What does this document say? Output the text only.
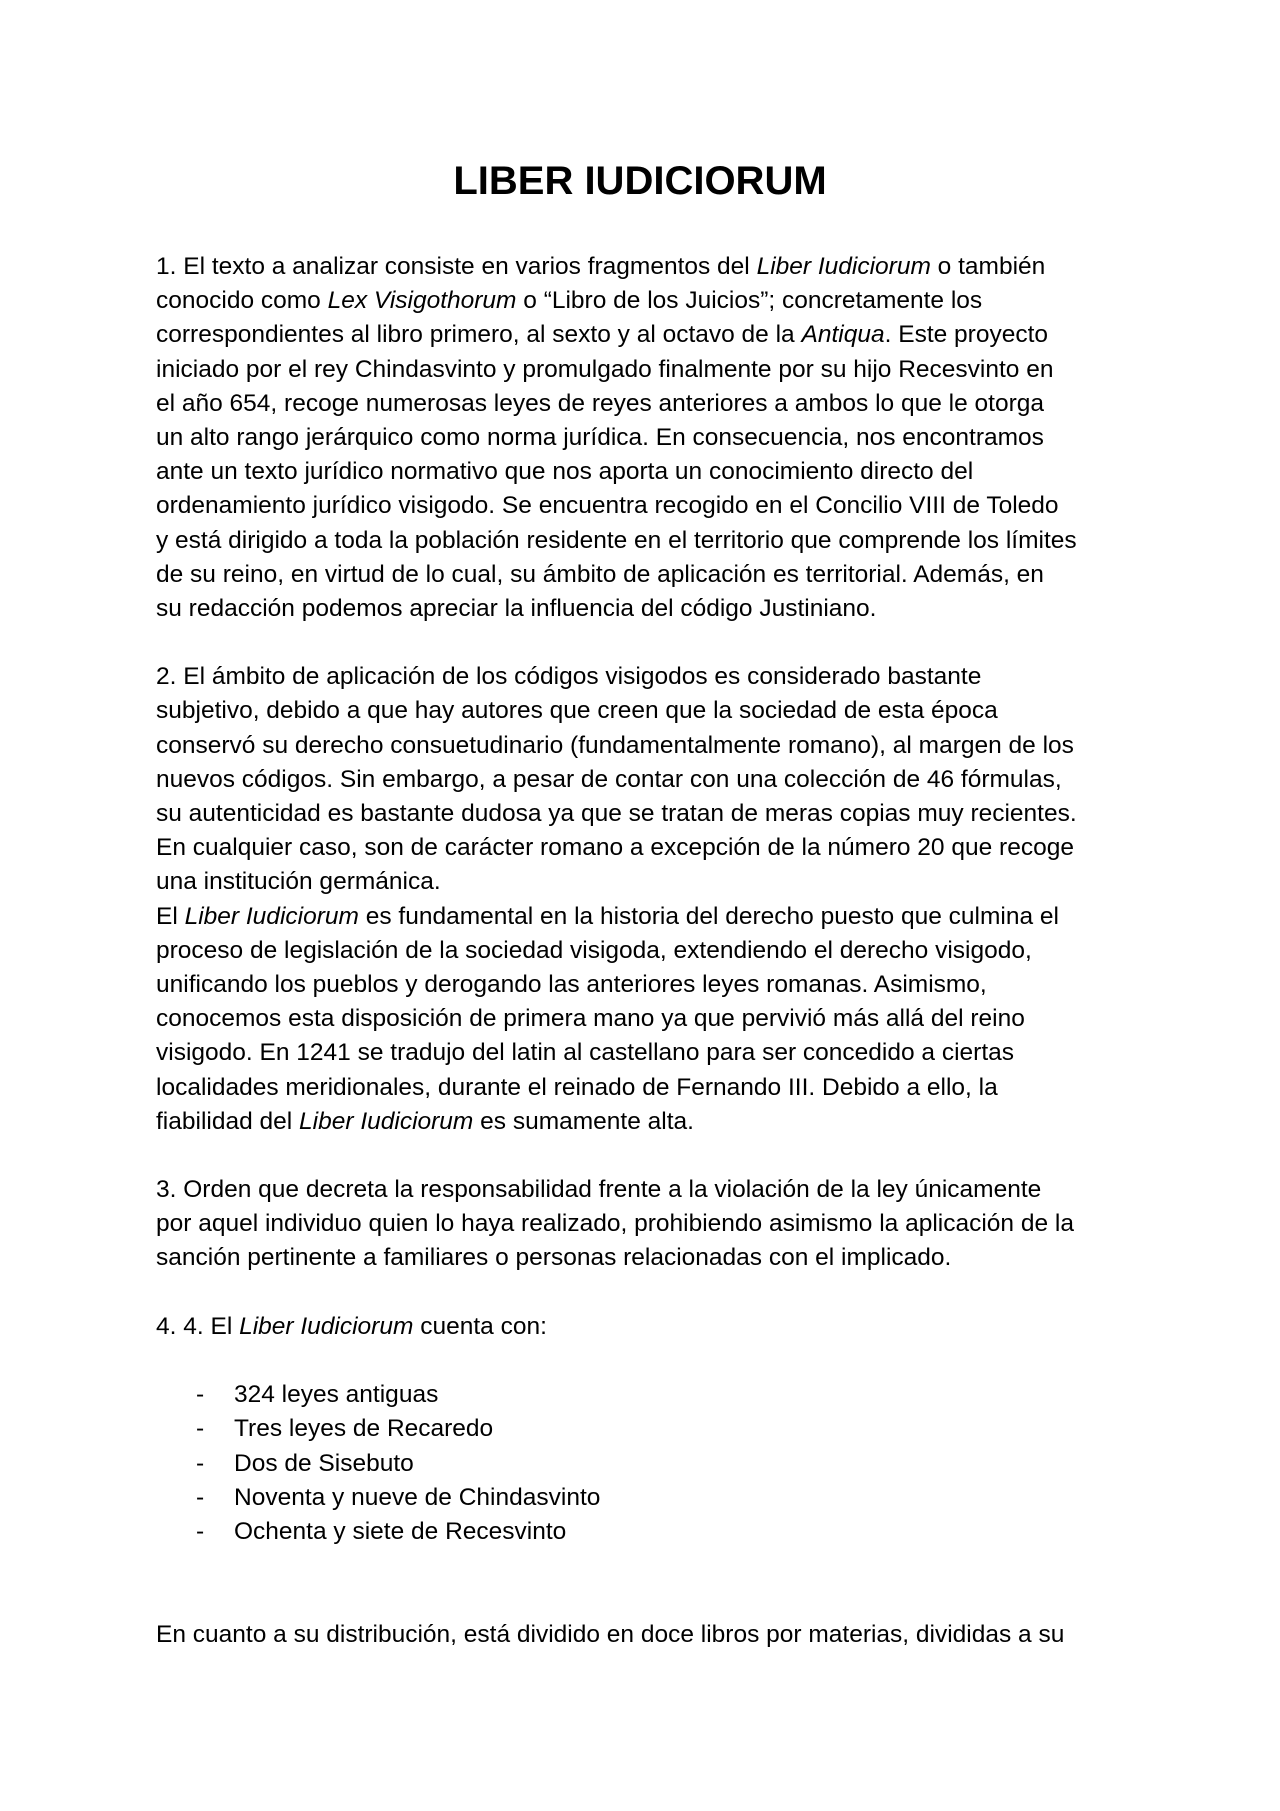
LIBER IUDICIORUM
1. El texto a analizar consiste en varios fragmentos del Liber Iudiciorum o también
conocido como Lex Visigothorum o “Libro de los Juicios”; concretamente los
correspondientes al libro primero, al sexto y al octavo de la Antiqua. Este proyecto
iniciado por el rey Chindasvinto y promulgado finalmente por su hijo Recesvinto en
el año 654, recoge numerosas leyes de reyes anteriores a ambos lo que le otorga
un alto rango jerárquico como norma jurídica. En consecuencia, nos encontramos
ante un texto jurídico normativo que nos aporta un conocimiento directo del
ordenamiento jurídico visigodo. Se encuentra recogido en el Concilio VIII de Toledo
y está dirigido a toda la población residente en el territorio que comprende los límites
de su reino, en virtud de lo cual, su ámbito de aplicación es territorial. Además, en
su redacción podemos apreciar la influencia del código Justiniano.
2. El ámbito de aplicación de los códigos visigodos es considerado bastante
subjetivo, debido a que hay autores que creen que la sociedad de esta época
conservó su derecho consuetudinario (fundamentalmente romano), al margen de los
nuevos códigos. Sin embargo, a pesar de contar con una colección de 46 fórmulas,
su autenticidad es bastante dudosa ya que se tratan de meras copias muy recientes.
En cualquier caso, son de carácter romano a excepción de la número 20 que recoge
una institución germánica.
El Liber Iudiciorum es fundamental en la historia del derecho puesto que culmina el
proceso de legislación de la sociedad visigoda, extendiendo el derecho visigodo,
unificando los pueblos y derogando las anteriores leyes romanas. Asimismo,
conocemos esta disposición de primera mano ya que pervivió más allá del reino
visigodo. En 1241 se tradujo del latin al castellano para ser concedido a ciertas
localidades meridionales, durante el reinado de Fernando III. Debido a ello, la
fiabilidad del Liber Iudiciorum es sumamente alta.
3. Orden que decreta la responsabilidad frente a la violación de la ley únicamente
por aquel individuo quien lo haya realizado, prohibiendo asimismo la aplicación de la
sanción pertinente a familiares o personas relacionadas con el implicado.
4. 4. El Liber Iudiciorum cuenta con:
- 324 leyes antiguas
- Tres leyes de Recaredo
- Dos de Sisebuto
- Noventa y nueve de Chindasvinto
- Ochenta y siete de Recesvinto
En cuanto a su distribución, está dividido en doce libros por materias, divididas a su
